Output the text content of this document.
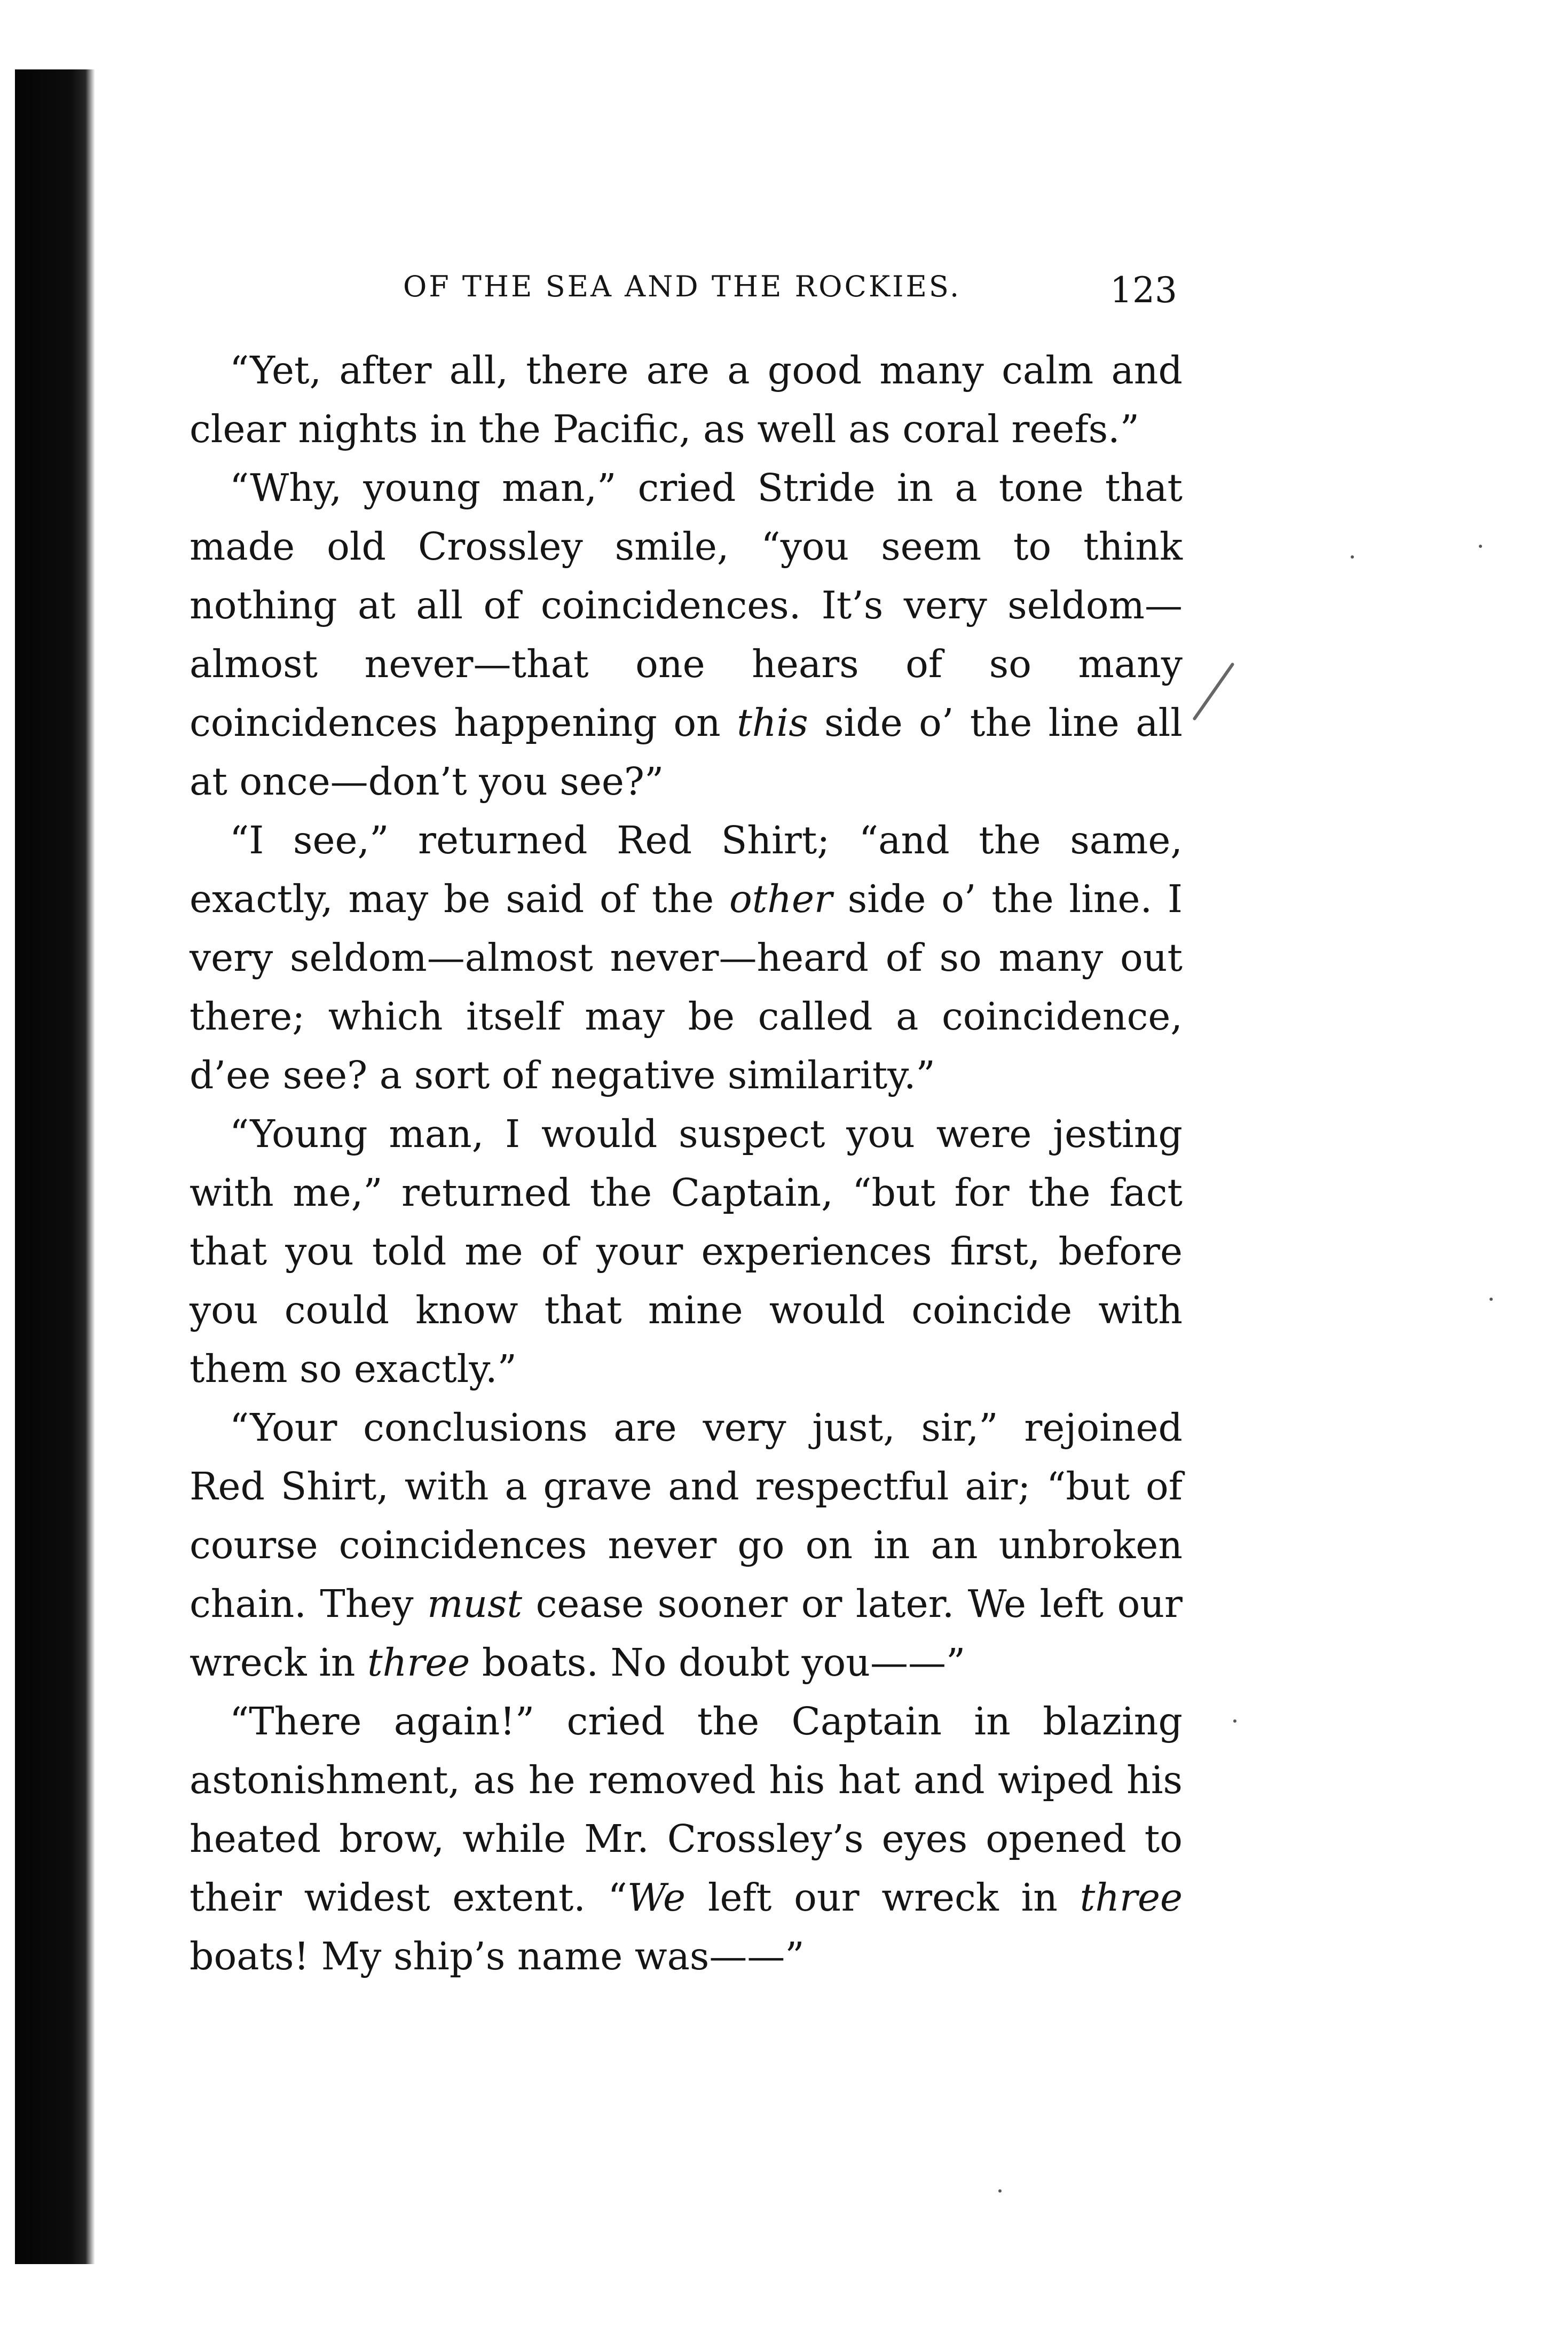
OF THE SEA AND THE ROCKIES.	123

“Yet, after all, there are a good many calm and clear nights in the Pacific, as well as coral reefs.”

“Why, young man,” cried Stride in a tone that made old Crossley smile, “you seem to think nothing at all of coincidences. It’s very seldom—almost never—that one hears of so many coincidences happening on this side o’ the line all at once—don’t you see?”

“I see,” returned Red Shirt; “and the same, exactly, may be said of the other side o’ the line. I very seldom—almost never—heard of so many out there; which itself may be called a coincidence, d’ee see? a sort of negative similarity.”

“Young man, I would suspect you were jesting with me,” returned the Captain, “but for the fact that you told me of your experiences first, before you could know that mine would coincide with them so exactly.”

“Your conclusions are very just, sir,” rejoined Red Shirt, with a grave and respectful air; “but of course coincidences never go on in an unbroken chain. They must cease sooner or later. We left our wreck in three boats. No doubt you——”

“There again!” cried the Captain in blazing astonishment, as he removed his hat and wiped his heated brow, while Mr. Crossley’s eyes opened to their widest extent. “We left our wreck in three boats! My ship’s name was——”
